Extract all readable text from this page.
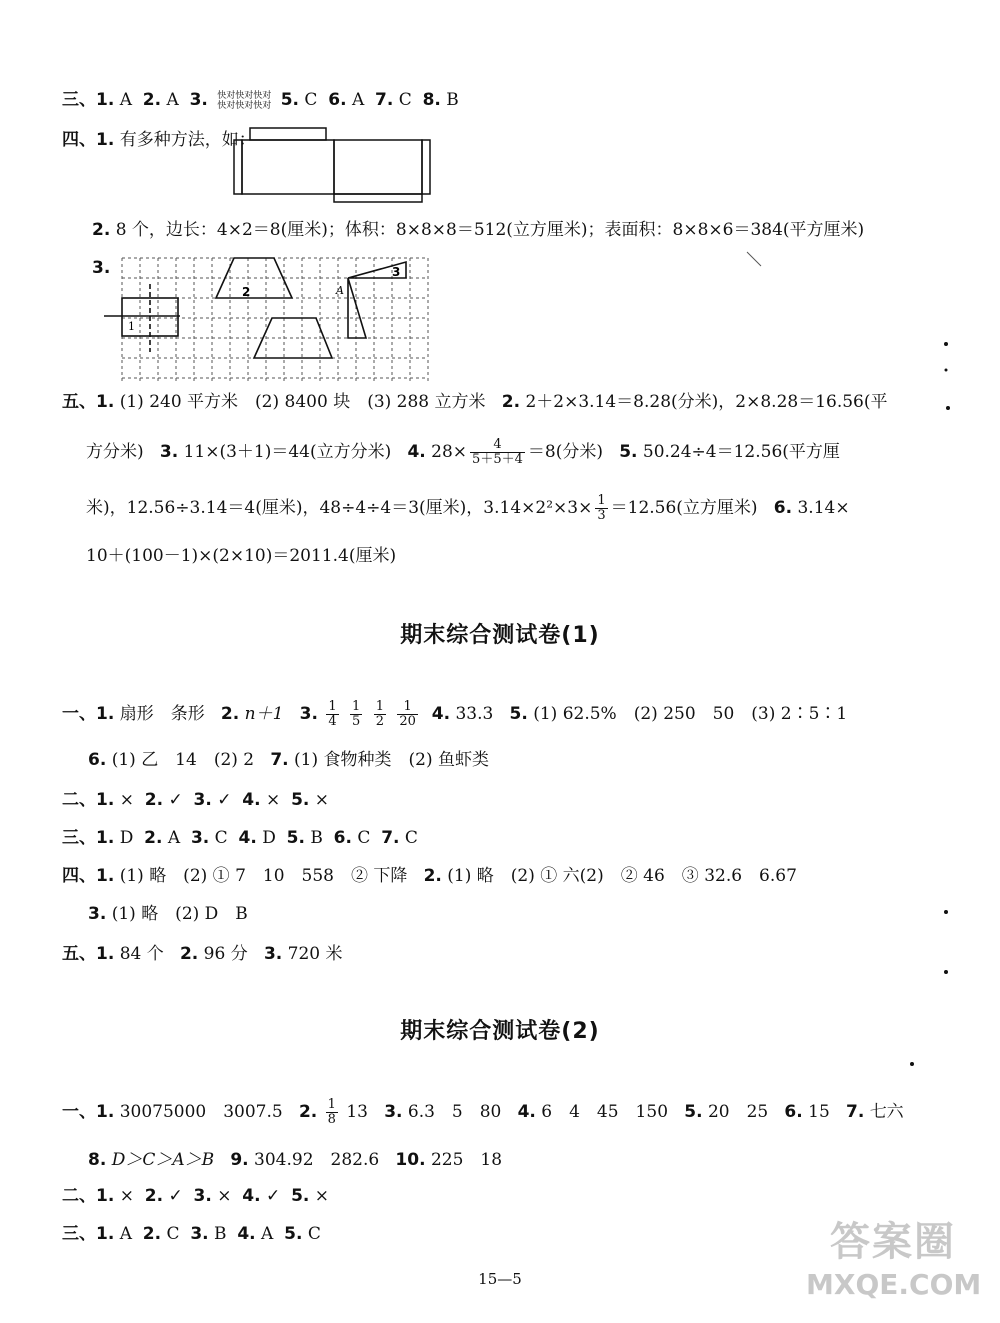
三、1. A 2. A 3. 快对快对快对
快对快对快对 5. C 6. A 7. C 8. B
四、1. 有多种方法，如：
2. 8 个，边长：4×2＝8(厘米)；体积：8×8×8＝512(立方厘米)；表面积：8×8×6＝384(平方厘米)
3.
1
2
3
A
五、1. (1) 240 平方米　(2) 8400 块　(3) 288 立方米 2. 2＋2×3.14＝8.28(分米)，2×8.28＝16.56(平
方分米) 3. 11×(3＋1)＝44(立方分米) 4. $28\times \frac{4}{5+5+4} =8$(分米) 5. 50.24÷4＝12.56(平方厘
米)，12.56÷3.14＝4(厘米)，48÷4÷4＝3(厘米)，$3.14\times 2^2\times 3\times \frac{1}{3} =12.56$(立方厘米) 6. 3.14×
10＋(100－1)×(2×10)＝2011.4(厘米)
期末综合测试卷(1)
一、1. 扇形　条形 2. n＋1 3. $\frac{1}{4}$
$\frac{1}{5}$
$\frac{1}{2}$
$\frac{1}{20} 4$. 33.3 5. (1) 62.5%　(2) 250　50　(3) 2∶5∶1
6. (1) 乙　14　(2) 2 7. (1) 食物种类　(2) 鱼虾类
二、1. × 2. ✓ 3. ✓ 4. × 5. ×
三、1. D 2. A 3. C 4. D 5. B 6. C 7. C
四、1. (1) 略　(2) ① 7　10　558　② 下降 2. (1) 略　(2) ① 六(2)　② 46　③ 32.6　6.67
3. (1) 略　(2) D　B
五、1. 84 个 2. 96 分 3. 720 米
期末综合测试卷(2)
一、1. 30075000　3007.5 2. $\frac{1}{8} 13$ 3. 6.3　5　80 4. 6　4　45　150 5. 20　25 6. 15 7. 七六
8. D＞C＞A＞B 9. 304.92　282.6 10. 225　18
二、1. × 2. ✓ 3. × 4. ✓ 5. ×
三、1. A 2. C 3. B 4. A 5. C
15—5
答案圈
MXQE.COM
